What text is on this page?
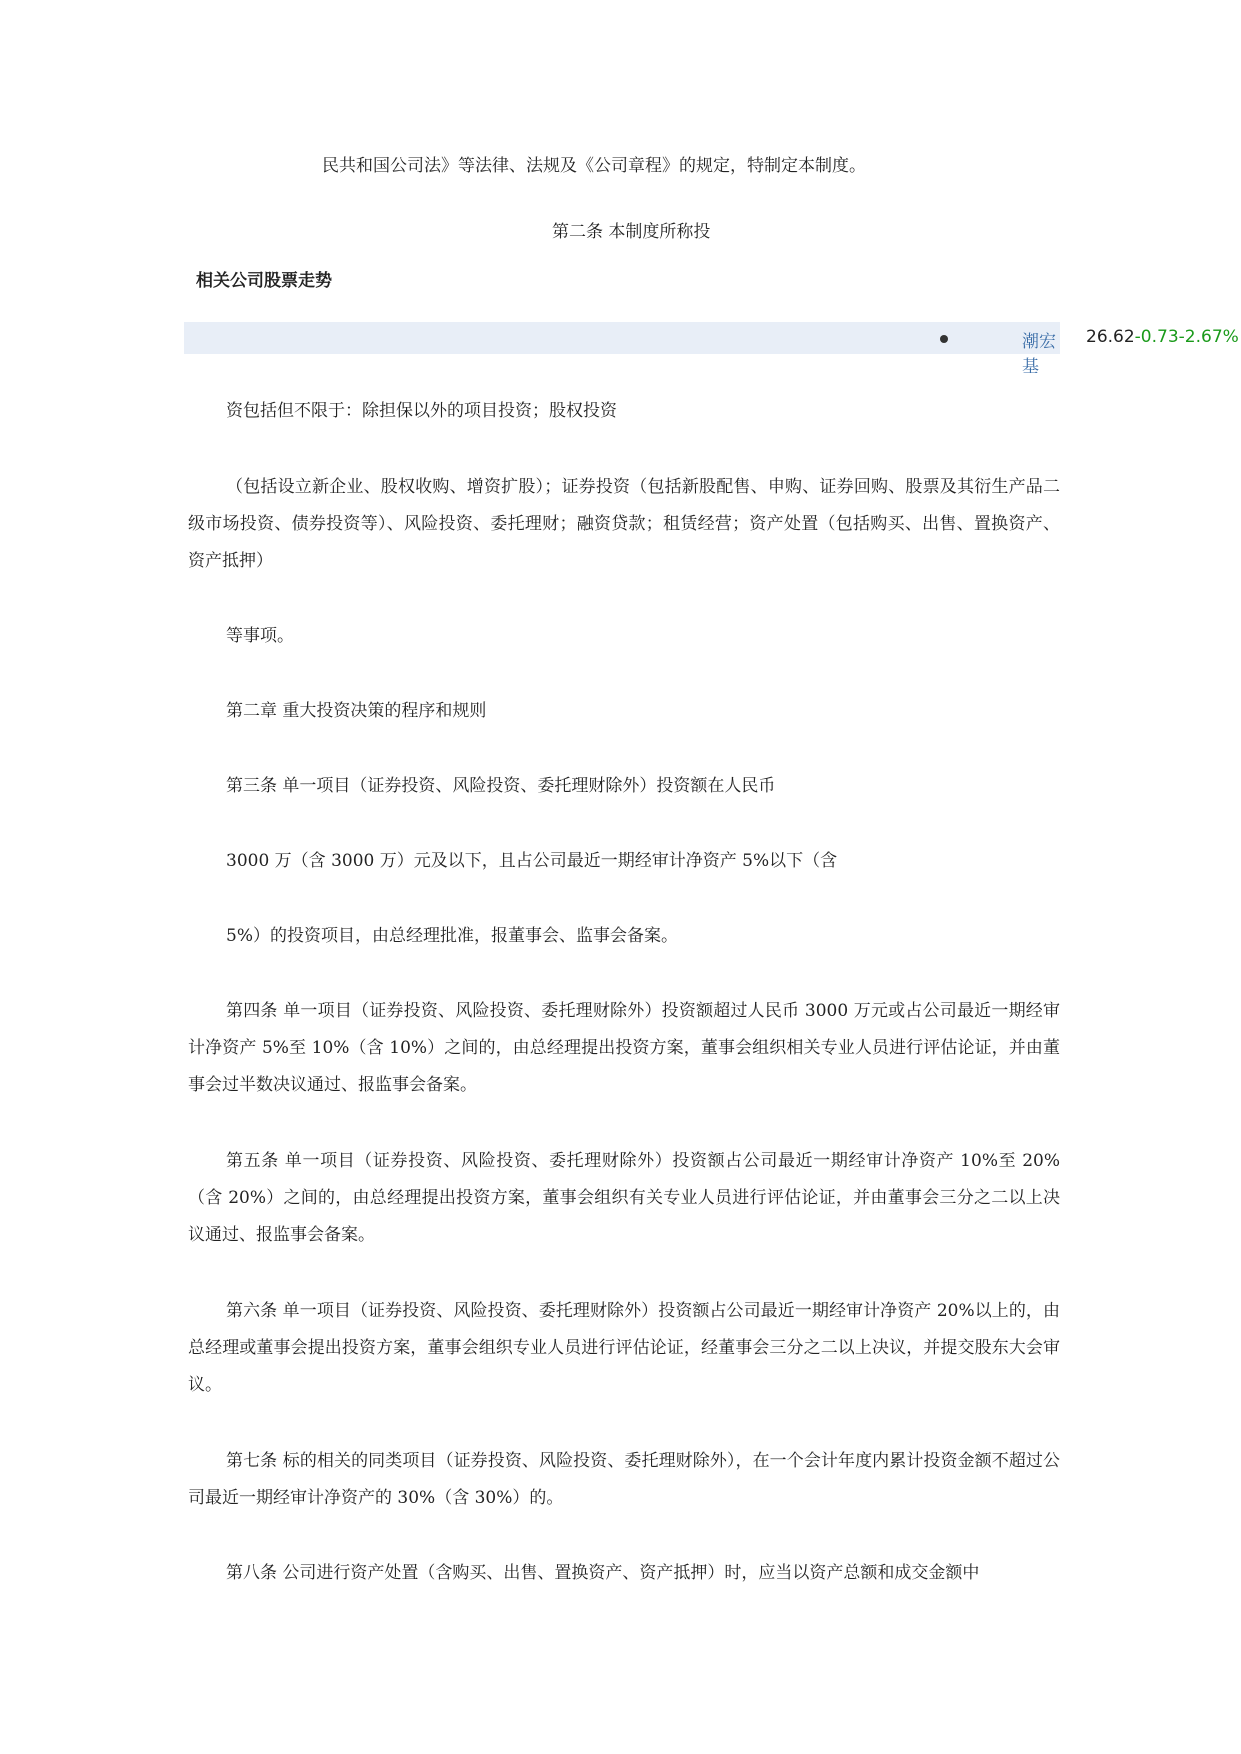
民共和国公司法》等法律、法规及《公司章程》的规定，特制定本制度。
第二条 本制度所称投
相关公司股票走势
潮宏基
26.62-0.73-2.67%
资包括但不限于：除担保以外的项目投资；股权投资
（包括设立新企业、股权收购、增资扩股）；证券投资（包括新股配售、申购、证券回购、股票及其衍生产品二级市场投资、债券投资等）、风险投资、委托理财；融资贷款；租赁经营；资产处置（包括购买、出售、置换资产、资产抵押）
等事项。
第二章 重大投资决策的程序和规则
第三条 单一项目（证券投资、风险投资、委托理财除外）投资额在人民币
3000 万（含 3000 万）元及以下，且占公司最近一期经审计净资产 5%以下（含
5%）的投资项目，由总经理批准，报董事会、监事会备案。
第四条 单一项目（证券投资、风险投资、委托理财除外）投资额超过人民币 3000 万元或占公司最近一期经审计净资产 5%至 10%（含 10%）之间的，由总经理提出投资方案，董事会组织相关专业人员进行评估论证，并由董事会过半数决议通过、报监事会备案。
第五条 单一项目（证券投资、风险投资、委托理财除外）投资额占公司最近一期经审计净资产 10%至 20%（含 20%）之间的，由总经理提出投资方案，董事会组织有关专业人员进行评估论证，并由董事会三分之二以上决议通过、报监事会备案。
第六条 单一项目（证券投资、风险投资、委托理财除外）投资额占公司最近一期经审计净资产 20%以上的，由总经理或董事会提出投资方案，董事会组织专业人员进行评估论证，经董事会三分之二以上决议，并提交股东大会审议。
第七条 标的相关的同类项目（证券投资、风险投资、委托理财除外），在一个会计年度内累计投资金额不超过公司最近一期经审计净资产的 30%（含 30%）的。
第八条 公司进行资产处置（含购买、出售、置换资产、资产抵押）时，应当以资产总额和成交金额中
